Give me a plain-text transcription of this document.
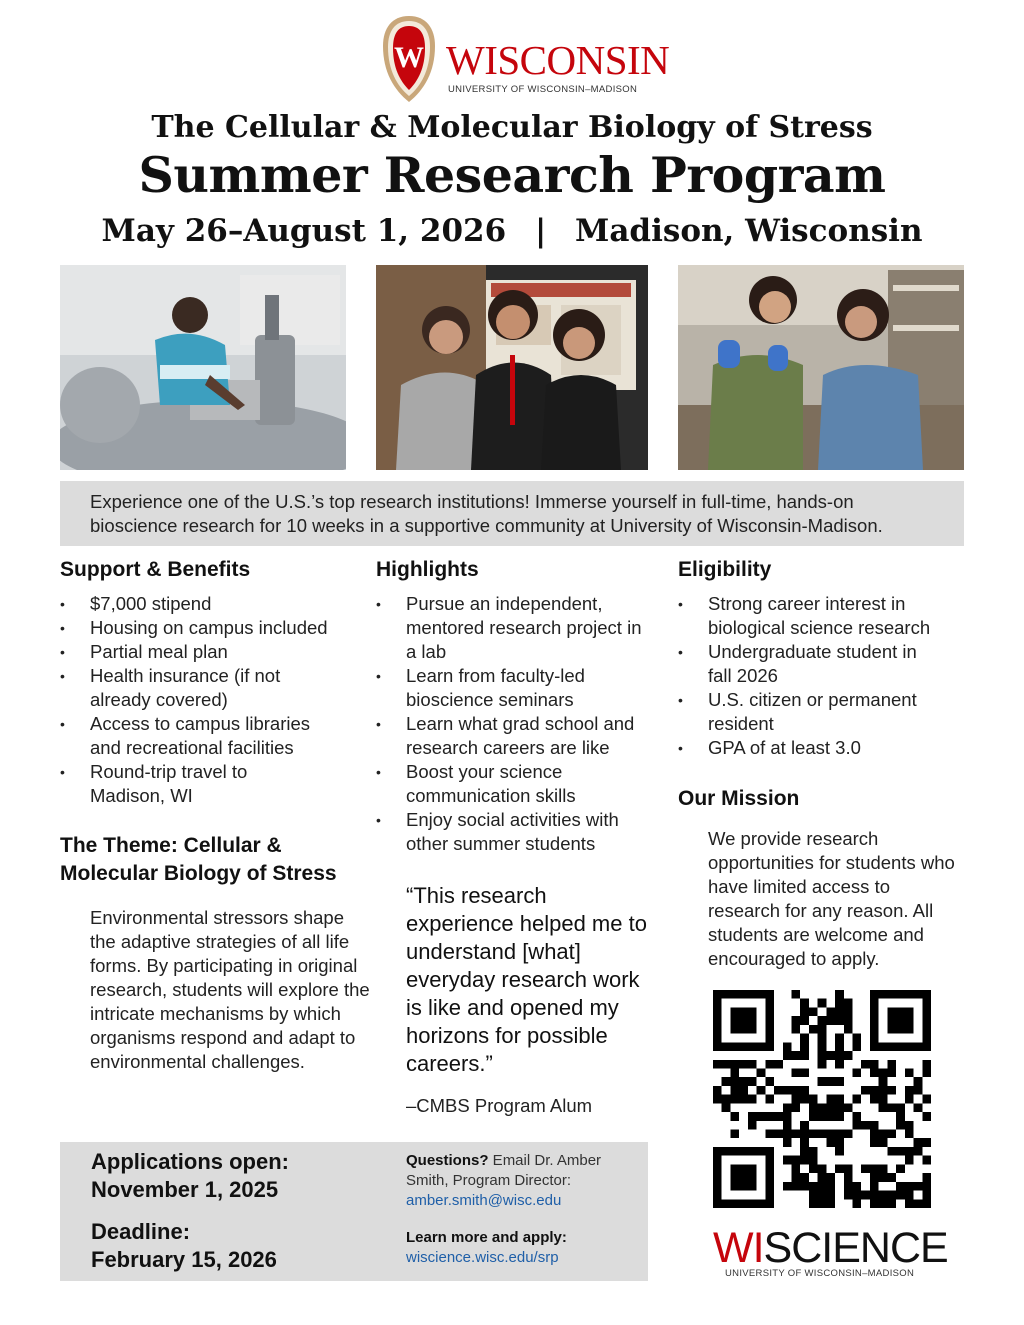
W WISCONSIN
UNIVERSITY OF WISCONSIN–MADISON
The Cellular & Molecular Biology of Stress
Summer Research Program
May 26–August 1, 2026 | Madison, Wisconsin
Experience one of the U.S.’s top research institutions! Immerse yourself in full-time, hands-on bioscience research for 10 weeks in a supportive community at University of Wisconsin-Madison.
Support & Benefits
• $7,000 stipend
• Housing on campus included
• Partial meal plan
• Health insurance (if not already covered)
• Access to campus libraries and recreational facilities
• Round-trip travel to Madison, WI
Highlights
• Pursue an independent, mentored research project in a lab
• Learn from faculty-led bioscience seminars
• Learn what grad school and research careers are like
• Boost your science communication skills
• Enjoy social activities with other summer students
Eligibility
• Strong career interest in biological science research
• Undergraduate student in fall 2026
• U.S. citizen or permanent resident
• GPA of at least 3.0
The Theme: Cellular & Molecular Biology of Stress
Environmental stressors shape the adaptive strategies of all life forms. By participating in original research, students will explore the intricate mechanisms by which organisms respond and adapt to environmental challenges.
“This research experience helped me to understand [what] everyday research work is like and opened my horizons for possible careers.”
–CMBS Program Alum
Our Mission
We provide research opportunities for students who have limited access to research for any reason. All students are welcome and encouraged to apply.
WISCIENCE
UNIVERSITY OF WISCONSIN–MADISON
Applications open:
November 1, 2025
Deadline:
February 15, 2026
Questions? Email Dr. Amber Smith, Program Director:
amber.smith@wisc.edu
Learn more and apply:
wiscience.wisc.edu/srp
